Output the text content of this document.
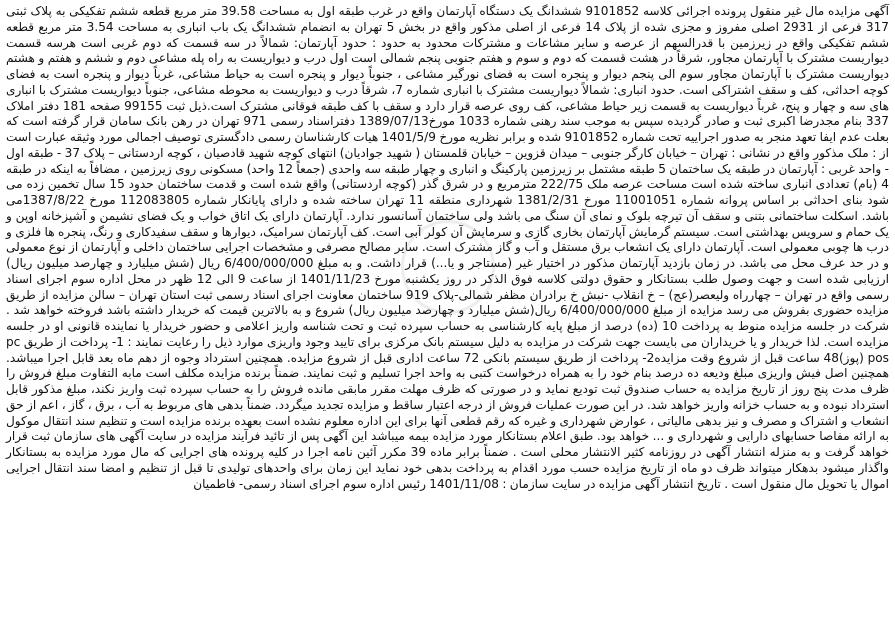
آگهی مزایده مال غیر منقول پرونده اجرائی کلاسه 9101852 ششدانگ یک دستگاه آپارتمان واقع در غرب طبقه اول به مساحت 39.58 متر مربع قطعه ششم تفکیکی به پلاک ثبتی 317 فرعی از 2931 اصلی مفروز و مجزی شده از پلاک 14 فرعی از اصلی مذکور واقع در بخش 5 تهران به انضمام ششدانگ یک باب انباری به مساحت 3.54 متر مربع قطعه ششم تفکیکی واقع در زیرزمین با قدرالسهم از عرصه و سایر مشاعات و مشترکات محدود به حدود : حدود آپارتمان: شمالاً در سه قسمت که دوم غربی است هرسه قسمت دیواریست مشترک با آپارتمان مجاور، شرقاً در هشت قسمت که دوم و سوم و هفتم جنوبی پنجم شمالی است اول درب و دیواریست به راه پله مشاعی دوم و ششم و هفتم و هشتم دیواریست مشترک با آپارتمان مجاور سوم الی پنجم دیوار و پنجره است به فضای نورگیر مشاعی ، جنوباً دیوار و پنجره است به حیاط مشاعی، غرباً دیوار و پنجره است به فضای کوچه احداثی، کف و سقف اشتراکی است. حدود انباری: شمالاً دیواریست مشترک با انباری شماره 7، شرقاً درب و دیواریست به محوطه مشاعی، جنوباً دیواریست مشترک با انباری های سه و چهار و پنج، غرباً دیواریست به قسمت زیر حیاط مشاعی، کف روی عرصه قرار دارد و سقف با کف طبقه فوقانی مشترک است.ذیل ثبت 99155 صفحه 181 دفتر املاک 337 بنام مجدرضا اکبری ثبت و صادر گردیده سپس به موجب سند رهنی شماره 1033 مورخ1389/07/13 دفتراسناد رسمی 971 تهران در رهن بانک سامان قرار گرفته است که بعلت عدم ایفا تعهد منجر به صدور اجراییه تحت شماره 9101852 شده و برابر نظریه مورخ 1401/5/9 هیات کارشناسان رسمی دادگستری توصیف اجمالی مورد وثیقه عبارت است از : ملک مذکور واقع در نشانی : تهران – خیابان کارگر جنوبی – میدان قزوین – خیابان قلمستان ( شهید جوادیان) انتهای کوچه شهید قادصیان ، کوچه اردستانی – پلاک 37 - طبقه اول - واحد غربی : آپارتمان در طبقه یک ساختمان 5 طبقه مشتمل بر زیرزمین پارکینگ و انباری و چهار طبقه سه واحدی (جمعاً 12 واحد) مسکونی روی زیرزمین ، مضافاً به اینکه در طبقه 4 (بام) تعدادی انباری ساخته شده است مساحت عرصه ملک 222/75 مترمربع و در شرق گذر (کوچه اردستانی) واقع شده است و قدمت ساختمان حدود 15 سال تخمین زده می شود بنای احداثی بر اساس پروانه شماره 11001051 مورخ 1381/2/31 شهرداری منطقه 11 تهران ساخته شده و دارای پایانکار شماره 112083805 مورخ 1387/8/22می باشد. اسکلت ساختمانی بتنی و سقف آن تیرچه بلوک و نمای آن سنگ می باشد ولی ساختمان آسانسور ندارد. آپارتمان دارای یک اتاق خواب و یک فضای نشیمن و آشپزخانه اوپن و یک حمام و سرویس بهداشتی است. سیستم گرمایش آپارتمان بخاری گازی و سرمایش آن کولر آبی است. کف آپارتمان سرامیک، دیوارها و سقف سفیدکاری و رنگ، پنجره ها فلزی و درب ها چوبی معمولی است. آپارتمان دارای یک انشعاب برق مستقل و آب و گاز مشترک است. سایر مصالح مصرفی و مشخصات اجرایی ساختمان داخلی و آپارتمان از نوع معمولی و در حد عرف محل می باشد. در زمان بازدید آپارتمان مذکور در اختیار غیر (مستاجر و یا...) قرار داشت. و به مبلغ 6/400/000/000 ریال (شش میلیارد و چهارصد میلیون ریال) ارزیابی شده است و جهت وصول طلب بستانکار و حقوق دولتی کلاسه فوق الذکر در روز یکشنبه مورخ 1401/11/23 از ساعت 9 الی 12 ظهر در محل اداره سوم اجرای اسناد رسمی واقع در تهران – چهارراه ولیعصر(عج) – خ انقلاب -نبش خ برادران مظفر شمالی-پلاک 919 ساختمان معاونت اجرای اسناد رسمی ثبت استان تهران – سالن مزایده از طریق مزایده حضوری بفروش می رسد مزایده از مبلغ 6/400/000/000 ریال(شش میلیارد و چهارصد میلیون ریال) شروع و به بالاترین قیمت که خریدار داشته باشد فروخته خواهد شد . شرکت در جلسه مزایده منوط به پرداخت 10 (ده) درصد از مبلغ پایه کارشناسی به حساب سپرده ثبت و تحت شناسه واریز اعلامی و حضور خریدار یا نماینده قانونی او در جلسه مزایده است. لذا خریدار و یا خریداران می بایست جهت شرکت در مزایده به دلیل سیستم بانک مرکزی برای تایید وجود واریزی موارد ذیل را رعایت نمایند : 1- پرداخت از طریق pc pos (پوز)48 ساعت قبل از شروع وقت مزایده2- پرداخت از طریق سیستم بانکی 72 ساعت اداری قبل از شروع مزایده. همچنین استرداد وجوه از دهم ماه بعد قابل اجرا میباشد. همچنین اصل فیش واریزی مبلغ ودیعه ده درصد بنام خود را به همراه درخواست کتبی به واحد اجرا تسلیم و ثبت نمایند. ضمناً برنده مزایده مکلف است مابه التفاوت مبلغ فروش را ظرف مدت پنج روز از تاریخ مزایده به حساب صندوق ثبت تودیع نماید و در صورتی که ظرف مهلت مقرر مابقی مانده فروش را به حساب سپرده ثبت واریز نکند، مبلغ مذکور قابل استرداد نبوده و به حساب خزانه واریز خواهد شد. در این صورت عملیات فروش از درجه اعتبار ساقط و مزایده تجدید میگردد. ضمناً بدهی های مربوط به آب ، برق ، گاز ، اعم از حق انشعاب و اشتراک و مصرف و نیز بدهی مالیاتی ، عوارض شهرداری و غیره که رقم قطعی آنها برای این اداره معلوم نشده است بعهده برنده مزایده است و تنظیم سند انتقال موکول به ارائه مفاصا حسابهای دارایی و شهرداری و ... خواهد بود. طبق اعلام بستانکار مورد مزایده بیمه میباشد این آگهی پس از تائید فرآیند مزایده در سایت آگهی های سازمان ثبت قرار خواهد گرفت و به منزله انتشار آگهی در روزنامه کثیر الانتشار محلی است . ضمناً برابر ماده 39 مکرر آئین نامه اجرا در کلیه پرونده های اجرایی که مال مورد مزایده به بستانکار واگذار میشود بدهکار میتواند ظرف دو ماه از تاریخ مزایده حسب مورد اقدام به پرداخت بدهی خود نماید این زمان برای واحدهای تولیدی تا قبل از تنظیم و امضا سند انتقال اجرایی اموال یا تحویل مال منقول است . تاریخ انتشار آگهی مزایده در سایت سازمان : 1401/11/08 رئیس اداره سوم اجرای اسناد رسمی- فاطمیان
